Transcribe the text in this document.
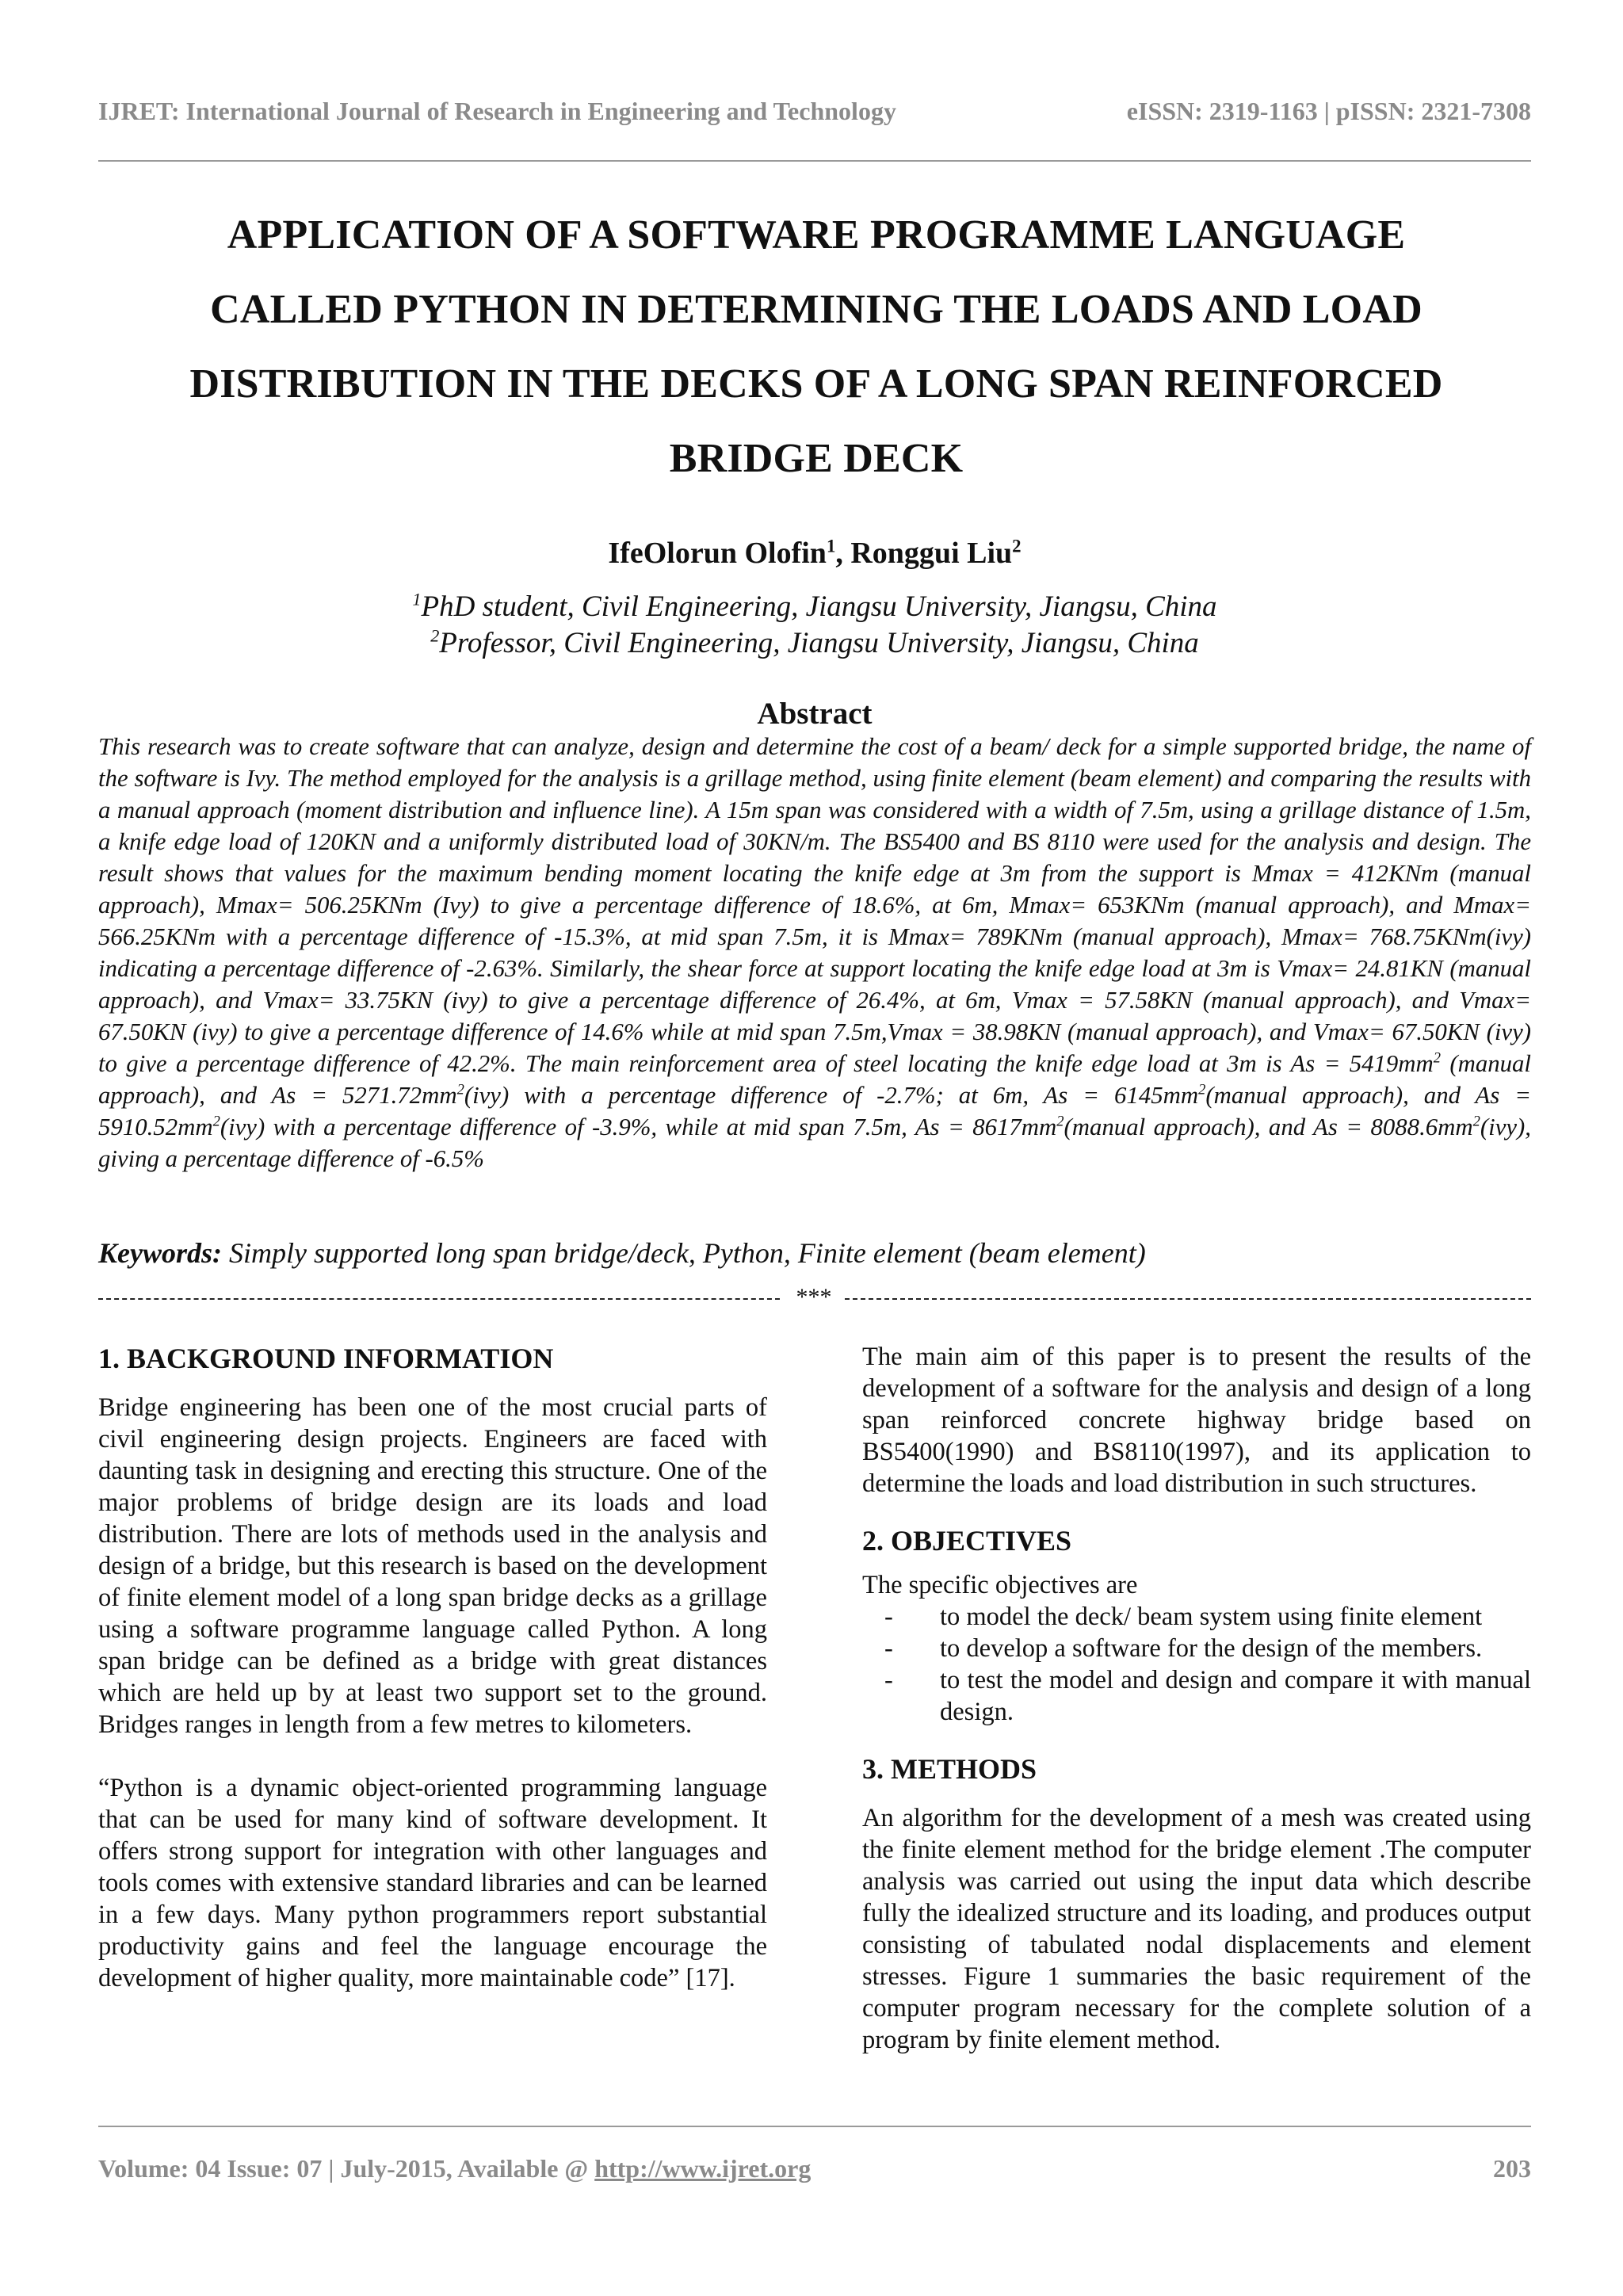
IJRET: International Journal of Research in Engineering and Technology	eISSN: 2319-1163 | pISSN: 2321-7308
APPLICATION OF A SOFTWARE PROGRAMME LANGUAGE
CALLED PYTHON IN DETERMINING THE LOADS AND LOAD
DISTRIBUTION IN THE DECKS OF A LONG SPAN REINFORCED
BRIDGE DECK
IfeOlorun Olofin$^1$, Ronggui Liu$^2$
$^1$PhD student, Civil Engineering, Jiangsu University, Jiangsu, China
$^2$Professor, Civil Engineering, Jiangsu University, Jiangsu, China
Abstract

This research was to create software that can analyze, design and determine the cost of a beam/ deck for a simple supported bridge, the name of the software is Ivy. The method employed for the analysis is a grillage method, using finite element (beam element) and comparing the results with a manual approach (moment distribution and influence line). A 15m span was considered with a width of 7.5m, using a grillage distance of 1.5m, a knife edge load of 120KN and a uniformly distributed load of 30KN/m. The BS5400 and BS 8110 were used for the analysis and design. The result shows that values for the maximum bending moment locating the knife edge at 3m from the support is Mmax = 412KNm (manual approach), Mmax= 506.25KNm (Ivy) to give a percentage difference of 18.6%, at 6m, Mmax= 653KNm (manual approach), and Mmax= 566.25KNm with a percentage difference of -15.3%, at mid span 7.5m, it is Mmax= 789KNm (manual approach), Mmax= 768.75KNm(ivy) indicating a percentage difference of -2.63%. Similarly, the shear force at support locating the knife edge load at 3m is Vmax= 24.81KN (manual approach), and Vmax= 33.75KN (ivy) to give a percentage difference of 26.4%, at 6m, Vmax = 57.58KN (manual approach), and Vmax= 67.50KN (ivy) to give a percentage difference of 14.6% while at mid span 7.5m,Vmax = 38.98KN (manual approach), and Vmax= 67.50KN (ivy) to give a percentage difference of 42.2%. The main reinforcement area of steel locating the knife edge load at 3m is $As = 5419mm^2$ (manual approach), and $As = 5271.72mm^2(ivy)$ with a percentage difference of -2.7%; at 6m, $As = 6145mm^2(manual$ approach), and $As = 5910.52mm^2(ivy)$ with a percentage difference of -3.9%, while at mid span 7.5m, $As = 8617mm^2(manual$ approach), and $As = 8088.6mm^2(ivy)$, giving a percentage difference of -6.5%

Keywords: Simply supported long span bridge/deck, Python, Finite element (beam element)
***
1. BACKGROUND INFORMATION

Bridge engineering has been one of the most crucial parts of civil engineering design projects. Engineers are faced with daunting task in designing and erecting this structure. One of the major problems of bridge design are its loads and load distribution. There are lots of methods used in the analysis and design of a bridge, but this research is based on the development of finite element model of a long span bridge decks as a grillage using a software programme language called Python. A long span bridge can be defined as a bridge with great distances which are held up by at least two support set to the ground. Bridges ranges in length from a few metres to kilometers.

“Python is a dynamic object-oriented programming language that can be used for many kind of software development. It offers strong support for integration with other languages and tools comes with extensive standard libraries and can be learned in a few days. Many python programmers report substantial productivity gains and feel the language encourage the development of higher quality, more maintainable code” [17].

The main aim of this paper is to present the results of the development of a software for the analysis and design of a long span reinforced concrete highway bridge based on BS5400(1990) and BS8110(1997), and its application to determine the loads and load distribution in such structures.

2. OBJECTIVES

The specific objectives are

- to model the deck/ beam system using finite element
- to develop a software for the design of the members.
- to test the model and design and compare it with manual design.
3. METHODS

An algorithm for the development of a mesh was created using the finite element method for the bridge element .The computer analysis was carried out using the input data which describe fully the idealized structure and its loading, and produces output consisting of tabulated nodal displacements and element stresses. Figure 1 summaries the basic requirement of the computer program necessary for the complete solution of a program by finite element method.

Volume: 04 Issue: 07 | July-2015, Available @ http://www.ijret.org	203
